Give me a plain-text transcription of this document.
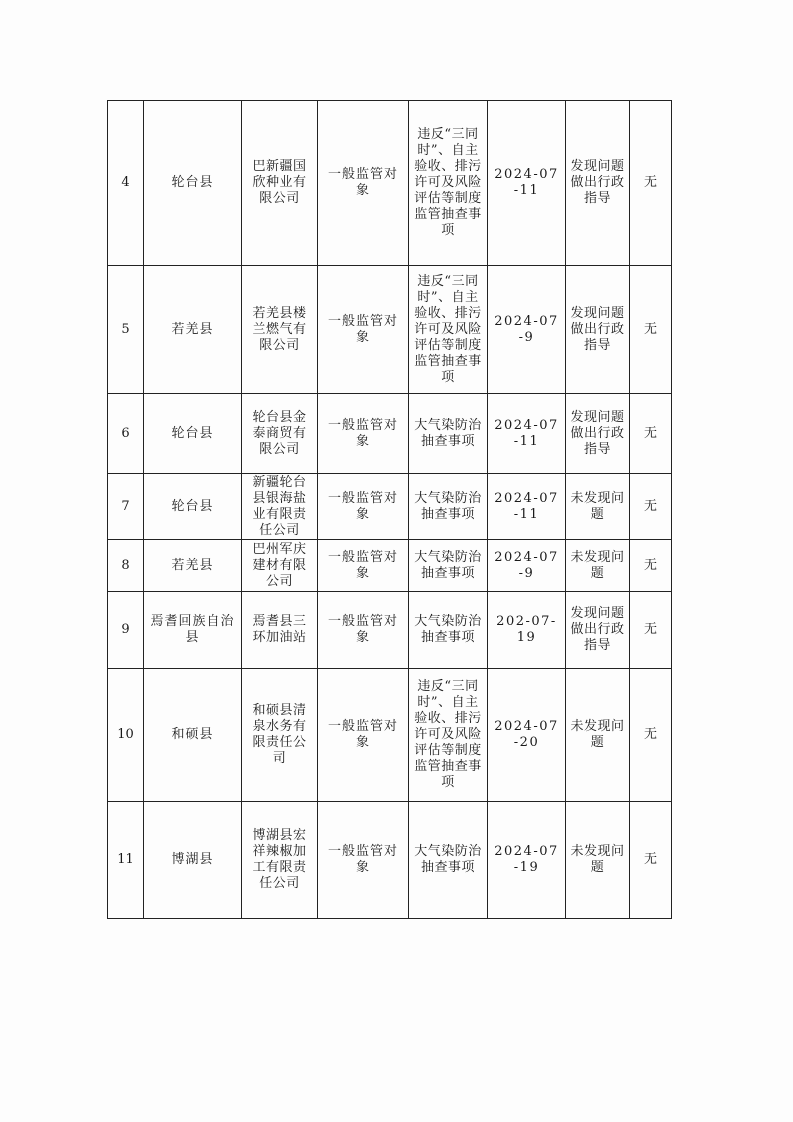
4	轮台县	巴新疆国欣种业有限公司	一般监管对象	违反“三同时”、自主验收、排污许可及风险评估等制度监管抽查事项	2024-07-11	发现问题做出行政指导	无
5	若羌县	若羌县楼兰燃气有限公司	一般监管对象	违反“三同时”、自主验收、排污许可及风险评估等制度监管抽查事项	2024-07-9	发现问题做出行政指导	无
6	轮台县	轮台县金泰商贸有限公司	一般监管对象	大气染防治抽查事项	2024-07-11	发现问题做出行政指导	无
7	轮台县	新疆轮台县银海盐业有限责任公司	一般监管对象	大气染防治抽查事项	2024-07-11	未发现问题	无
8	若羌县	巴州军庆建材有限公司	一般监管对象	大气染防治抽查事项	2024-07-9	未发现问题	无
9	焉耆回族自治县	焉耆县三环加油站	一般监管对象	大气染防治抽查事项	202-07-19	发现问题做出行政指导	无
10	和硕县	和硕县清泉水务有限责任公司	一般监管对象	违反“三同时”、自主验收、排污许可及风险评估等制度监管抽查事项	2024-07-20	未发现问题	无
11	博湖县	博湖县宏祥辣椒加工有限责任公司	一般监管对象	大气染防治抽查事项	2024-07-19	未发现问题	无
